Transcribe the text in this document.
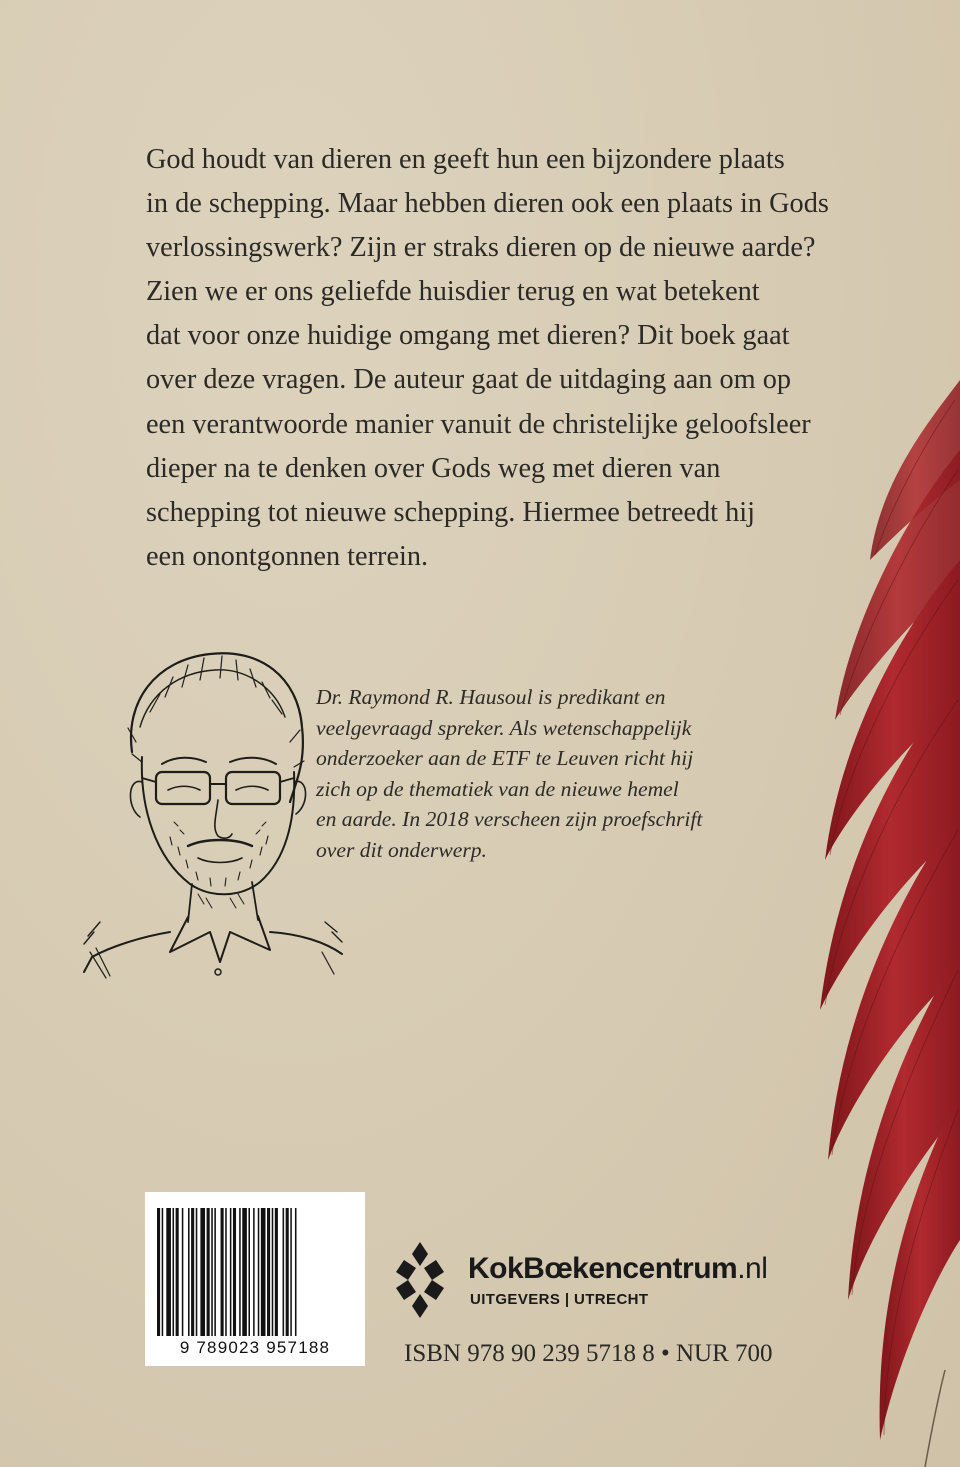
God houdt van dieren en geeft hun een bijzondere plaats
in de schepping. Maar hebben dieren ook een plaats in Gods
verlossingswerk? Zijn er straks dieren op de nieuwe aarde?
Zien we er ons geliefde huisdier terug en wat betekent
dat voor onze huidige omgang met dieren? Dit boek gaat
over deze vragen. De auteur gaat de uitdaging aan om op
een verantwoorde manier vanuit de christelijke geloofsleer
dieper na te denken over Gods weg met dieren van
schepping tot nieuwe schepping. Hiermee betreedt hij
een onontgonnen terrein.

Dr. Raymond R. Hausoul is predikant en
veelgevraagd spreker. Als wetenschappelijk
onderzoeker aan de ETF te Leuven richt hij
zich op de thematiek van de nieuwe hemel
en aarde. In 2018 verscheen zijn proefschrift
over dit onderwerp.

9 789023 957188
KokBœkencentrum.nl
UITGEVERS | UTRECHT
ISBN 978 90 239 5718 8 • NUR 700
